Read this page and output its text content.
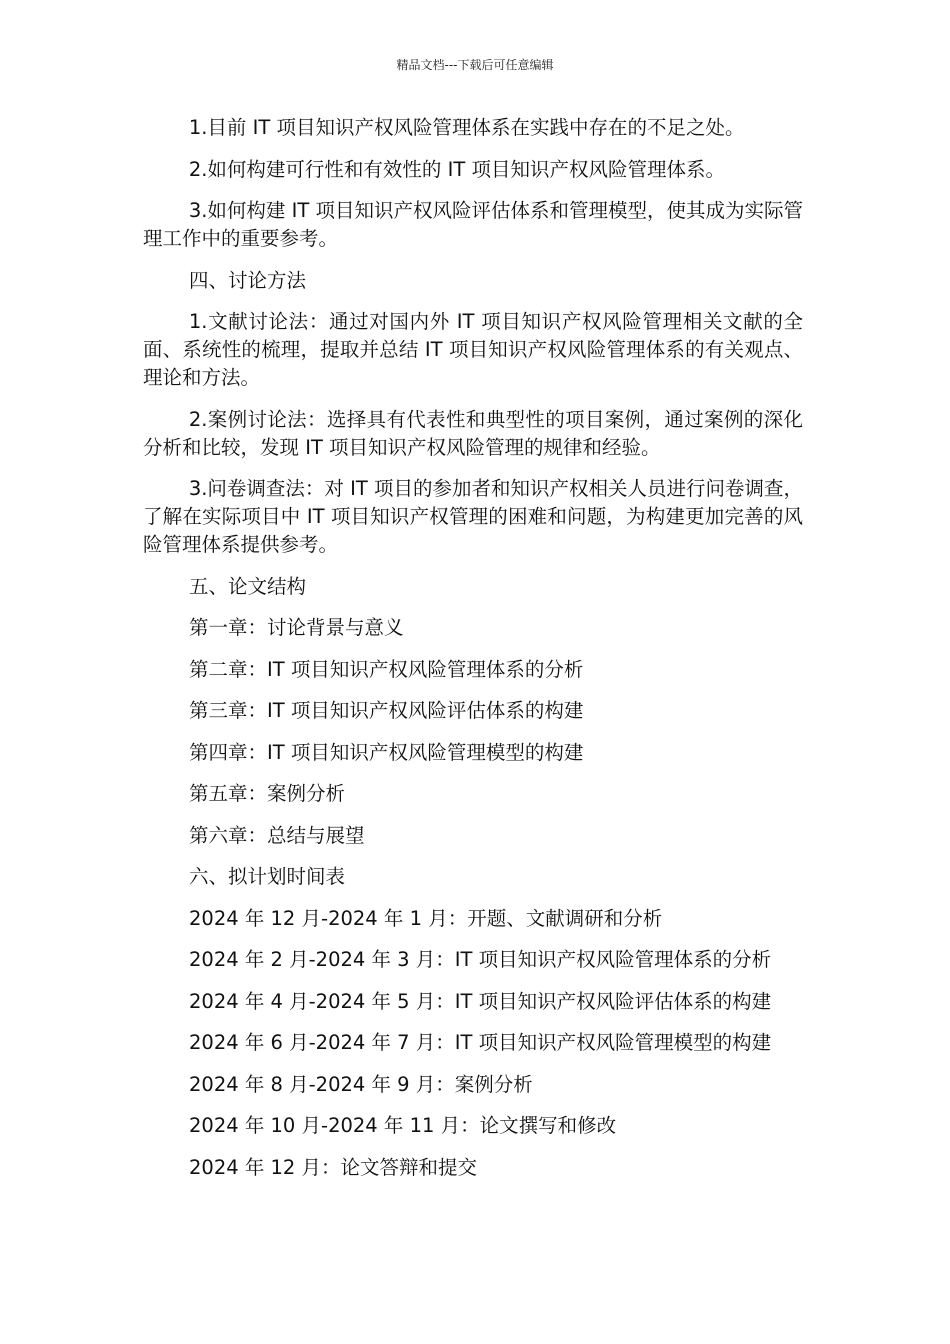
精品文档---下载后可任意编辑

1.目前 IT 项目知识产权风险管理体系在实践中存在的不足之处。

2.如何构建可行性和有效性的 IT 项目知识产权风险管理体系。

3.如何构建 IT 项目知识产权风险评估体系和管理模型，使其成为实际管理工作中的重要参考。

四、讨论方法

1.文献讨论法：通过对国内外 IT 项目知识产权风险管理相关文献的全面、系统性的梳理，提取并总结 IT 项目知识产权风险管理体系的有关观点、理论和方法。

2.案例讨论法：选择具有代表性和典型性的项目案例，通过案例的深化分析和比较，发现 IT 项目知识产权风险管理的规律和经验。

3.问卷调查法：对 IT 项目的参加者和知识产权相关人员进行问卷调查，了解在实际项目中 IT 项目知识产权管理的困难和问题，为构建更加完善的风险管理体系提供参考。

五、论文结构

第一章：讨论背景与意义

第二章：IT 项目知识产权风险管理体系的分析

第三章：IT 项目知识产权风险评估体系的构建

第四章：IT 项目知识产权风险管理模型的构建

第五章：案例分析

第六章：总结与展望

六、拟计划时间表

2024 年 12 月-2024 年 1 月：开题、文献调研和分析

2024 年 2 月-2024 年 3 月：IT 项目知识产权风险管理体系的分析

2024 年 4 月-2024 年 5 月：IT 项目知识产权风险评估体系的构建

2024 年 6 月-2024 年 7 月：IT 项目知识产权风险管理模型的构建

2024 年 8 月-2024 年 9 月：案例分析

2024 年 10 月-2024 年 11 月：论文撰写和修改

2024 年 12 月：论文答辩和提交
